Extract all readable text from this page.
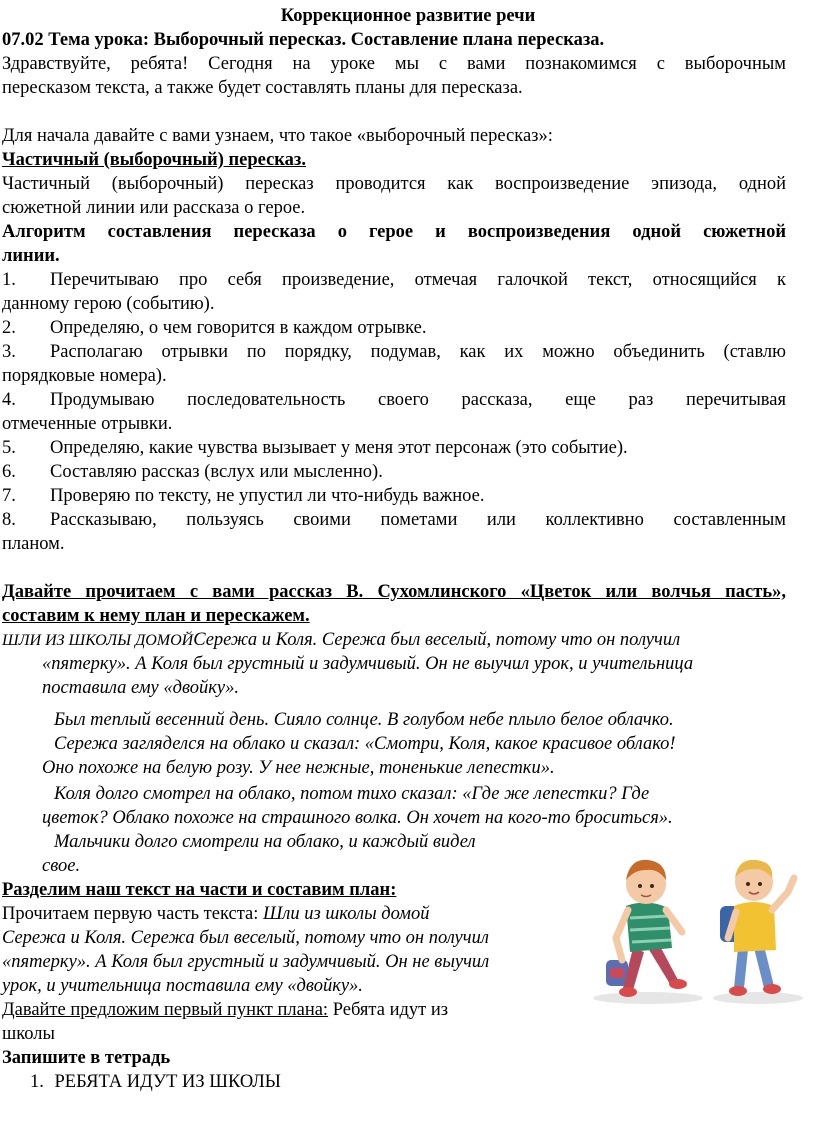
Коррекционное развитие речи
07.02 Тема урока: Выборочный пересказ. Составление плана пересказа.
Здравствуйте, ребята! Сегодня на уроке мы с вами познакомимся с выборочным
пересказом текста, а также будет составлять планы для пересказа.
Для начала давайте с вами узнаем, что такое «выборочный пересказ»:
Частичный (выборочный) пересказ.
Частичный (выборочный) пересказ проводится как воспроизведение эпизода, одной
сюжетной линии или рассказа о герое.
Алгоритм составления пересказа о герое и воспроизведения одной сюжетной
линии.
1. Перечитываю про себя произведение, отмечая галочкой текст, относящийся к
данному герою (событию).
2. Определяю, о чем говорится в каждом отрывке.
3. Располагаю отрывки по порядку, подумав, как их можно объединить (ставлю
порядковые номера).
4. Продумываю последовательность своего рассказа, еще раз перечитывая
отмеченные отрывки.
5. Определяю, какие чувства вызывает у меня этот персонаж (это событие).
6. Составляю рассказ (вслух или мысленно).
7. Проверяю по тексту, не упустил ли что-нибудь важное.
8. Рассказываю, пользуясь своими пометами или коллективно составленным
планом.
Давайте прочитаем с вами рассказ В. Сухомлинского «Цветок или волчья пасть»,
составим к нему план и перескажем.
ШЛИ ИЗ ШКОЛЫ ДОМОЙСережа и Коля. Сережа был веселый, потому что он получил
«пятерку». А Коля был грустный и задумчивый. Он не выучил урок, и учительница
поставила ему «двойку».
Был теплый весенний день. Сияло солнце. В голубом небе плыло белое облачко.
Сережа загляделся на облако и сказал: «Смотри, Коля, какое красивое облако!
Оно похоже на белую розу. У нее нежные, тоненькие лепестки».
Коля долго смотрел на облако, потом тихо сказал: «Где же лепестки? Где
цветок? Облако похоже на страшного волка. Он хочет на кого-то броситься».
Мальчики долго смотрели на облако, и каждый видел
свое.
Разделим наш текст на части и составим план:
Прочитаем первую часть текста: Шли из школы домой
Сережа и Коля. Сережа был веселый, потому что он получил
«пятерку». А Коля был грустный и задумчивый. Он не выучил
урок, и учительница поставила ему «двойку».
Давайте предложим первый пункт плана: Ребята идут из
школы
Запишите в тетрадь
1. РЕБЯТА ИДУТ ИЗ ШКОЛЫ
